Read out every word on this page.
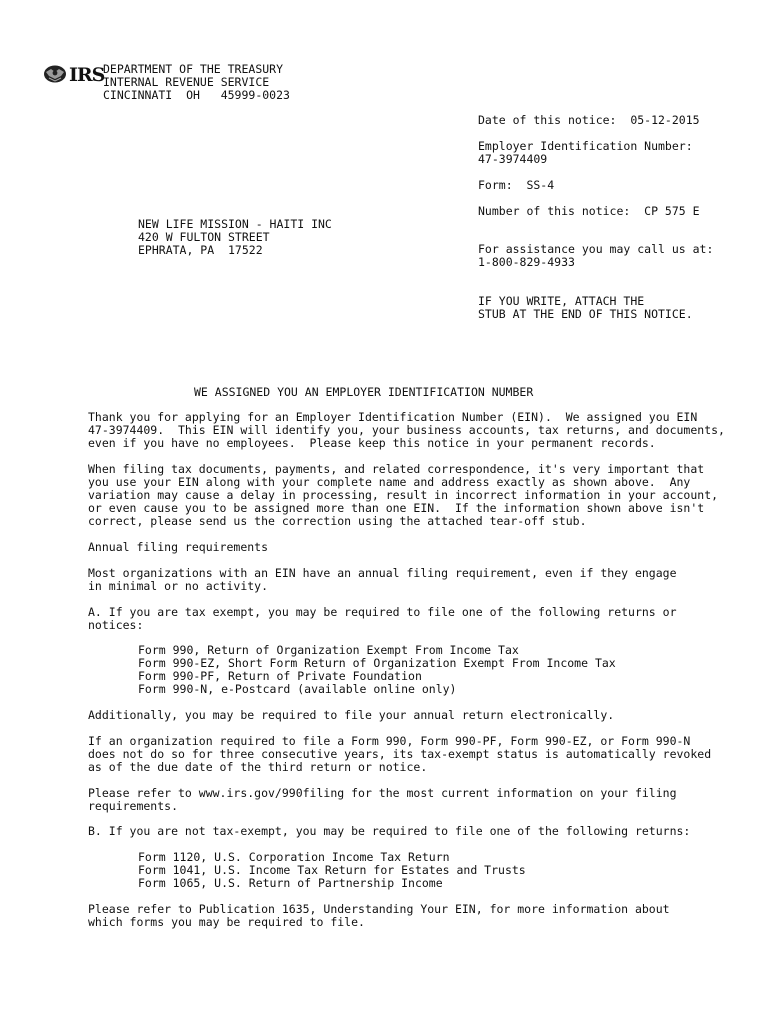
IRS
DEPARTMENT OF THE TREASURY
INTERNAL REVENUE SERVICE
CINCINNATI  OH   45999-0023
Date of this notice:  05-12-2015
Employer Identification Number:
47-3974409
Form:  SS-4
Number of this notice:  CP 575 E
For assistance you may call us at:
1-800-829-4933
IF YOU WRITE, ATTACH THE
STUB AT THE END OF THIS NOTICE.
NEW LIFE MISSION - HAITI INC
420 W FULTON STREET
EPHRATA, PA  17522
WE ASSIGNED YOU AN EMPLOYER IDENTIFICATION NUMBER
Thank you for applying for an Employer Identification Number (EIN).  We assigned you EIN
47-3974409.  This EIN will identify you, your business accounts, tax returns, and documents,
even if you have no employees.  Please keep this notice in your permanent records.
When filing tax documents, payments, and related correspondence, it's very important that
you use your EIN along with your complete name and address exactly as shown above.  Any
variation may cause a delay in processing, result in incorrect information in your account,
or even cause you to be assigned more than one EIN.  If the information shown above isn't
correct, please send us the correction using the attached tear-off stub.
Annual filing requirements
Most organizations with an EIN have an annual filing requirement, even if they engage
in minimal or no activity.
A. If you are tax exempt, you may be required to file one of the following returns or
notices:
Form 990, Return of Organization Exempt From Income Tax
Form 990-EZ, Short Form Return of Organization Exempt From Income Tax
Form 990-PF, Return of Private Foundation
Form 990-N, e-Postcard (available online only)
Additionally, you may be required to file your annual return electronically.
If an organization required to file a Form 990, Form 990-PF, Form 990-EZ, or Form 990-N
does not do so for three consecutive years, its tax-exempt status is automatically revoked
as of the due date of the third return or notice.
Please refer to www.irs.gov/990filing for the most current information on your filing
requirements.
B. If you are not tax-exempt, you may be required to file one of the following returns:
Form 1120, U.S. Corporation Income Tax Return
Form 1041, U.S. Income Tax Return for Estates and Trusts
Form 1065, U.S. Return of Partnership Income
Please refer to Publication 1635, Understanding Your EIN, for more information about
which forms you may be required to file.
